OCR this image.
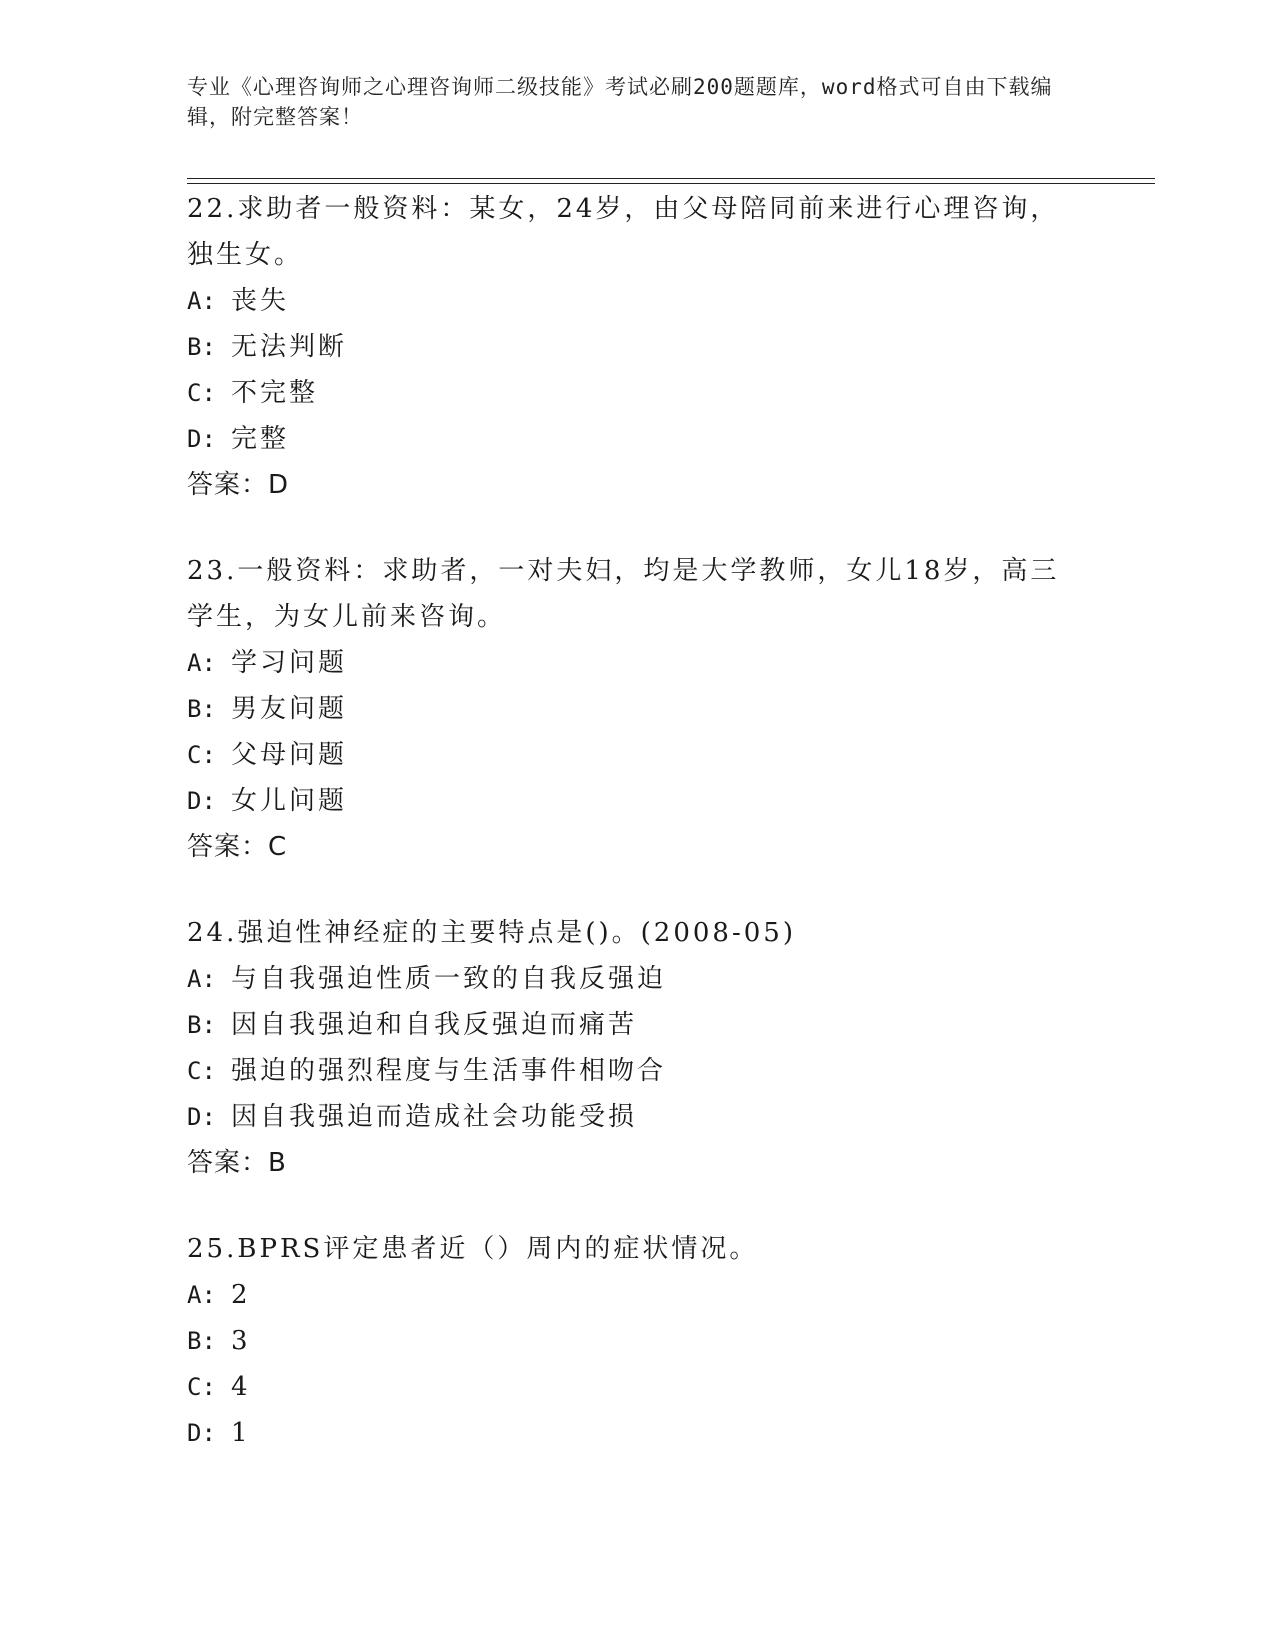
专业《心理咨询师之心理咨询师二级技能》考试必刷200题题库，word格式可自由下载编辑，附完整答案！

22.求助者一般资料：某女，24岁，由父母陪同前来进行心理咨询，独生女。

A: 丧失

B: 无法判断

C: 不完整

D: 完整

答案：D

23.一般资料：求助者，一对夫妇，均是大学教师，女儿18岁，高三学生，为女儿前来咨询。

A: 学习问题

B: 男友问题

C: 父母问题

D: 女儿问题

答案：C

24.强迫性神经症的主要特点是()。(2008-05)

A: 与自我强迫性质一致的自我反强迫

B: 因自我强迫和自我反强迫而痛苦

C: 强迫的强烈程度与生活事件相吻合

D: 因自我强迫而造成社会功能受损

答案：B

25.BPRS评定患者近（）周内的症状情况。

A: 2

B: 3

C: 4

D: 1
